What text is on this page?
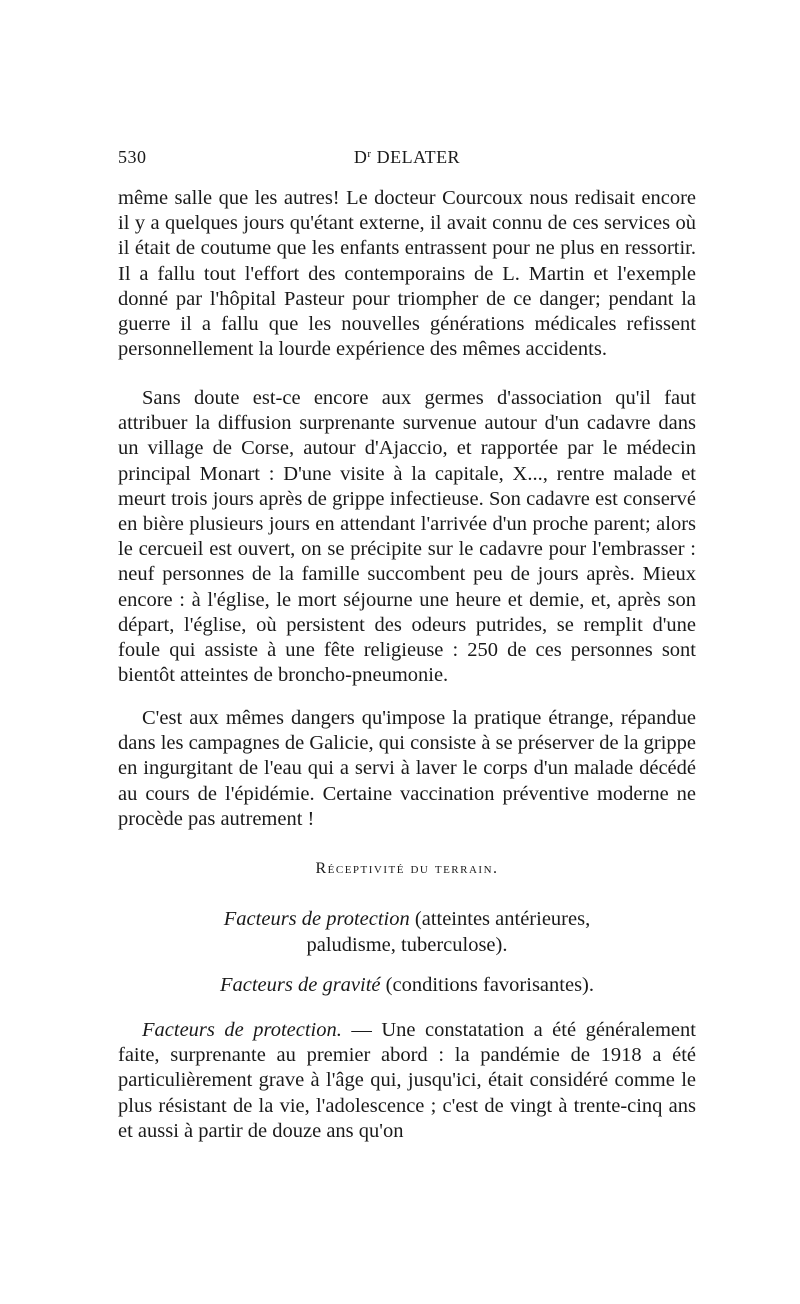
530	$D^r$ DELATER

même salle que les autres! Le docteur Courcoux nous redisait encore il y a quelques jours qu'étant externe, il avait connu de ces services où il était de coutume que les enfants entrassent pour ne plus en ressortir. Il a fallu tout l'effort des contemporains de L. Martin et l'exemple donné par l'hôpital Pasteur pour triompher de ce danger; pendant la guerre il a fallu que les nouvelles générations médicales refissent personnellement la lourde expérience des mêmes accidents.

Sans doute est-ce encore aux germes d'association qu'il faut attribuer la diffusion surprenante survenue autour d'un cadavre dans un village de Corse, autour d'Ajaccio, et rapportée par le médecin principal Monart : D'une visite à la capitale, X..., rentre malade et meurt trois jours après de grippe infectieuse. Son cadavre est conservé en bière plusieurs jours en attendant l'arrivée d'un proche parent; alors le cercueil est ouvert, on se précipite sur le cadavre pour l'embrasser : neuf personnes de la famille succombent peu de jours après. Mieux encore : à l'église, le mort séjourne une heure et demie, et, après son départ, l'église, où persistent des odeurs putrides, se remplit d'une foule qui assiste à une fête religieuse : 250 de ces personnes sont bientôt atteintes de broncho-pneumonie.

C'est aux mêmes dangers qu'impose la pratique étrange, répandue dans les campagnes de Galicie, qui consiste à se préserver de la grippe en ingurgitant de l'eau qui a servi à laver le corps d'un malade décédé au cours de l'épidémie. Certaine vaccination préventive moderne ne procède pas autrement !

Réceptivité du terrain.
Facteurs de protection (atteintes antérieures,
paludisme, tuberculose).
Facteurs de gravité (conditions favorisantes).

Facteurs de protection. — Une constatation a été généralement faite, surprenante au premier abord : la pandémie de 1918 a été particulièrement grave à l'âge qui, jusqu'ici, était considéré comme le plus résistant de la vie, l'adolescence ; c'est de vingt à trente-cinq ans et aussi à partir de douze ans qu'on
